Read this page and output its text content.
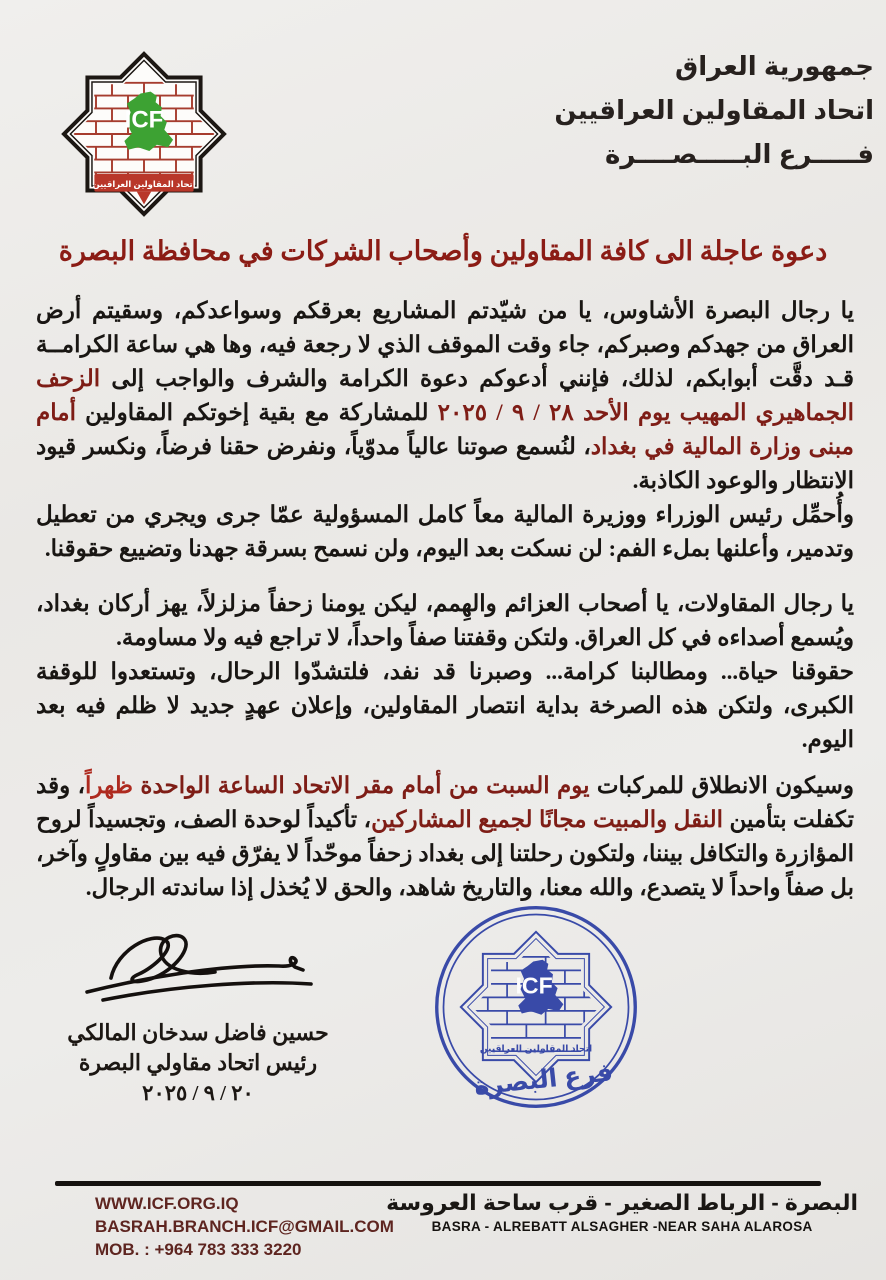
ICF
اتحاد المقاولين العراقيين
جمهورية العراق
اتحاد المقاولين العراقيين
فـــــرع البـــــصــــرة
دعوة عاجلة الى كافة المقاولين وأصحاب الشركات في محافظة البصرة

يا رجال البصرة الأشاوس، يا من شيّدتم المشاريع بعرقكم وسواعدكم، وسقيتم أرض العراق من جهدكم وصبركم، جاء وقت الموقف الذي لا رجعة فيه، وها هي ساعة الكرامــة قـد دقَّت أبوابكم، لذلك، فإنني أدعوكم دعوة الكرامة والشرف والواجب إلى الزحف الجماهيري المهيب يوم الأحد ٢٨ / ٩ / ٢٠٢٥ للمشاركة مع بقية إخوتكم المقاولين أمام مبنى وزارة المالية في بغداد، لنُسمع صوتنا عالياً مدوّياً، ونفرض حقنا فرضاً، ونكسر قيود الانتظار والوعود الكاذبة.

وأُحمِّل رئيس الوزراء ووزيرة المالية معاً كامل المسؤولية عمّا جرى ويجري من تعطيل وتدمير، وأعلنها بملء الفم: لن نسكت بعد اليوم، ولن نسمح بسرقة جهدنا وتضييع حقوقنا.

يا رجال المقاولات، يا أصحاب العزائم والهِمم، ليكن يومنا زحفاً مزلزلاً، يهز أركان بغداد، ويُسمع أصداءه في كل العراق. ولتكن وقفتنا صفاً واحداً، لا تراجع فيه ولا مساومة.

حقوقنا حياة... ومطالبنا كرامة... وصبرنا قد نفد، فلتشدّوا الرحال، وتستعدوا للوقفة الكبرى، ولتكن هذه الصرخة بداية انتصار المقاولين، وإعلان عهدٍ جديد لا ظلم فيه بعد اليوم.

وسيكون الانطلاق للمركبات يوم السبت من أمام مقر الاتحاد الساعة الواحدة ظهراً، وقد تكفلت بتأمين النقل والمبيت مجانًا لجميع المشاركين، تأكيداً لوحدة الصف، وتجسيداً لروح المؤازرة والتكافل بيننا، ولتكون رحلتنا إلى بغداد زحفاً موحّداً لا يفرّق فيه بين مقاولٍ وآخر، بل صفاً واحداً لا يتصدع، والله معنا، والتاريخ شاهد، والحق لا يُخذل إذا ساندته الرجال.

حسين فاضل سدخان المالكي
رئيس اتحاد مقاولي البصرة
٢٠ / ٩ / ٢٠٢٥
ICF
اتحاد المقاولين العراقيين
فرع البصرة
WWW.ICF.ORG.IQ
BASRAH.BRANCH.ICF@GMAIL.COM
MOB. : +964 783 333 3220
البصرة - الرباط الصغير - قرب ساحة العروسة
BASRA - ALREBATT ALSAGHER -NEAR SAHA ALAROSA
